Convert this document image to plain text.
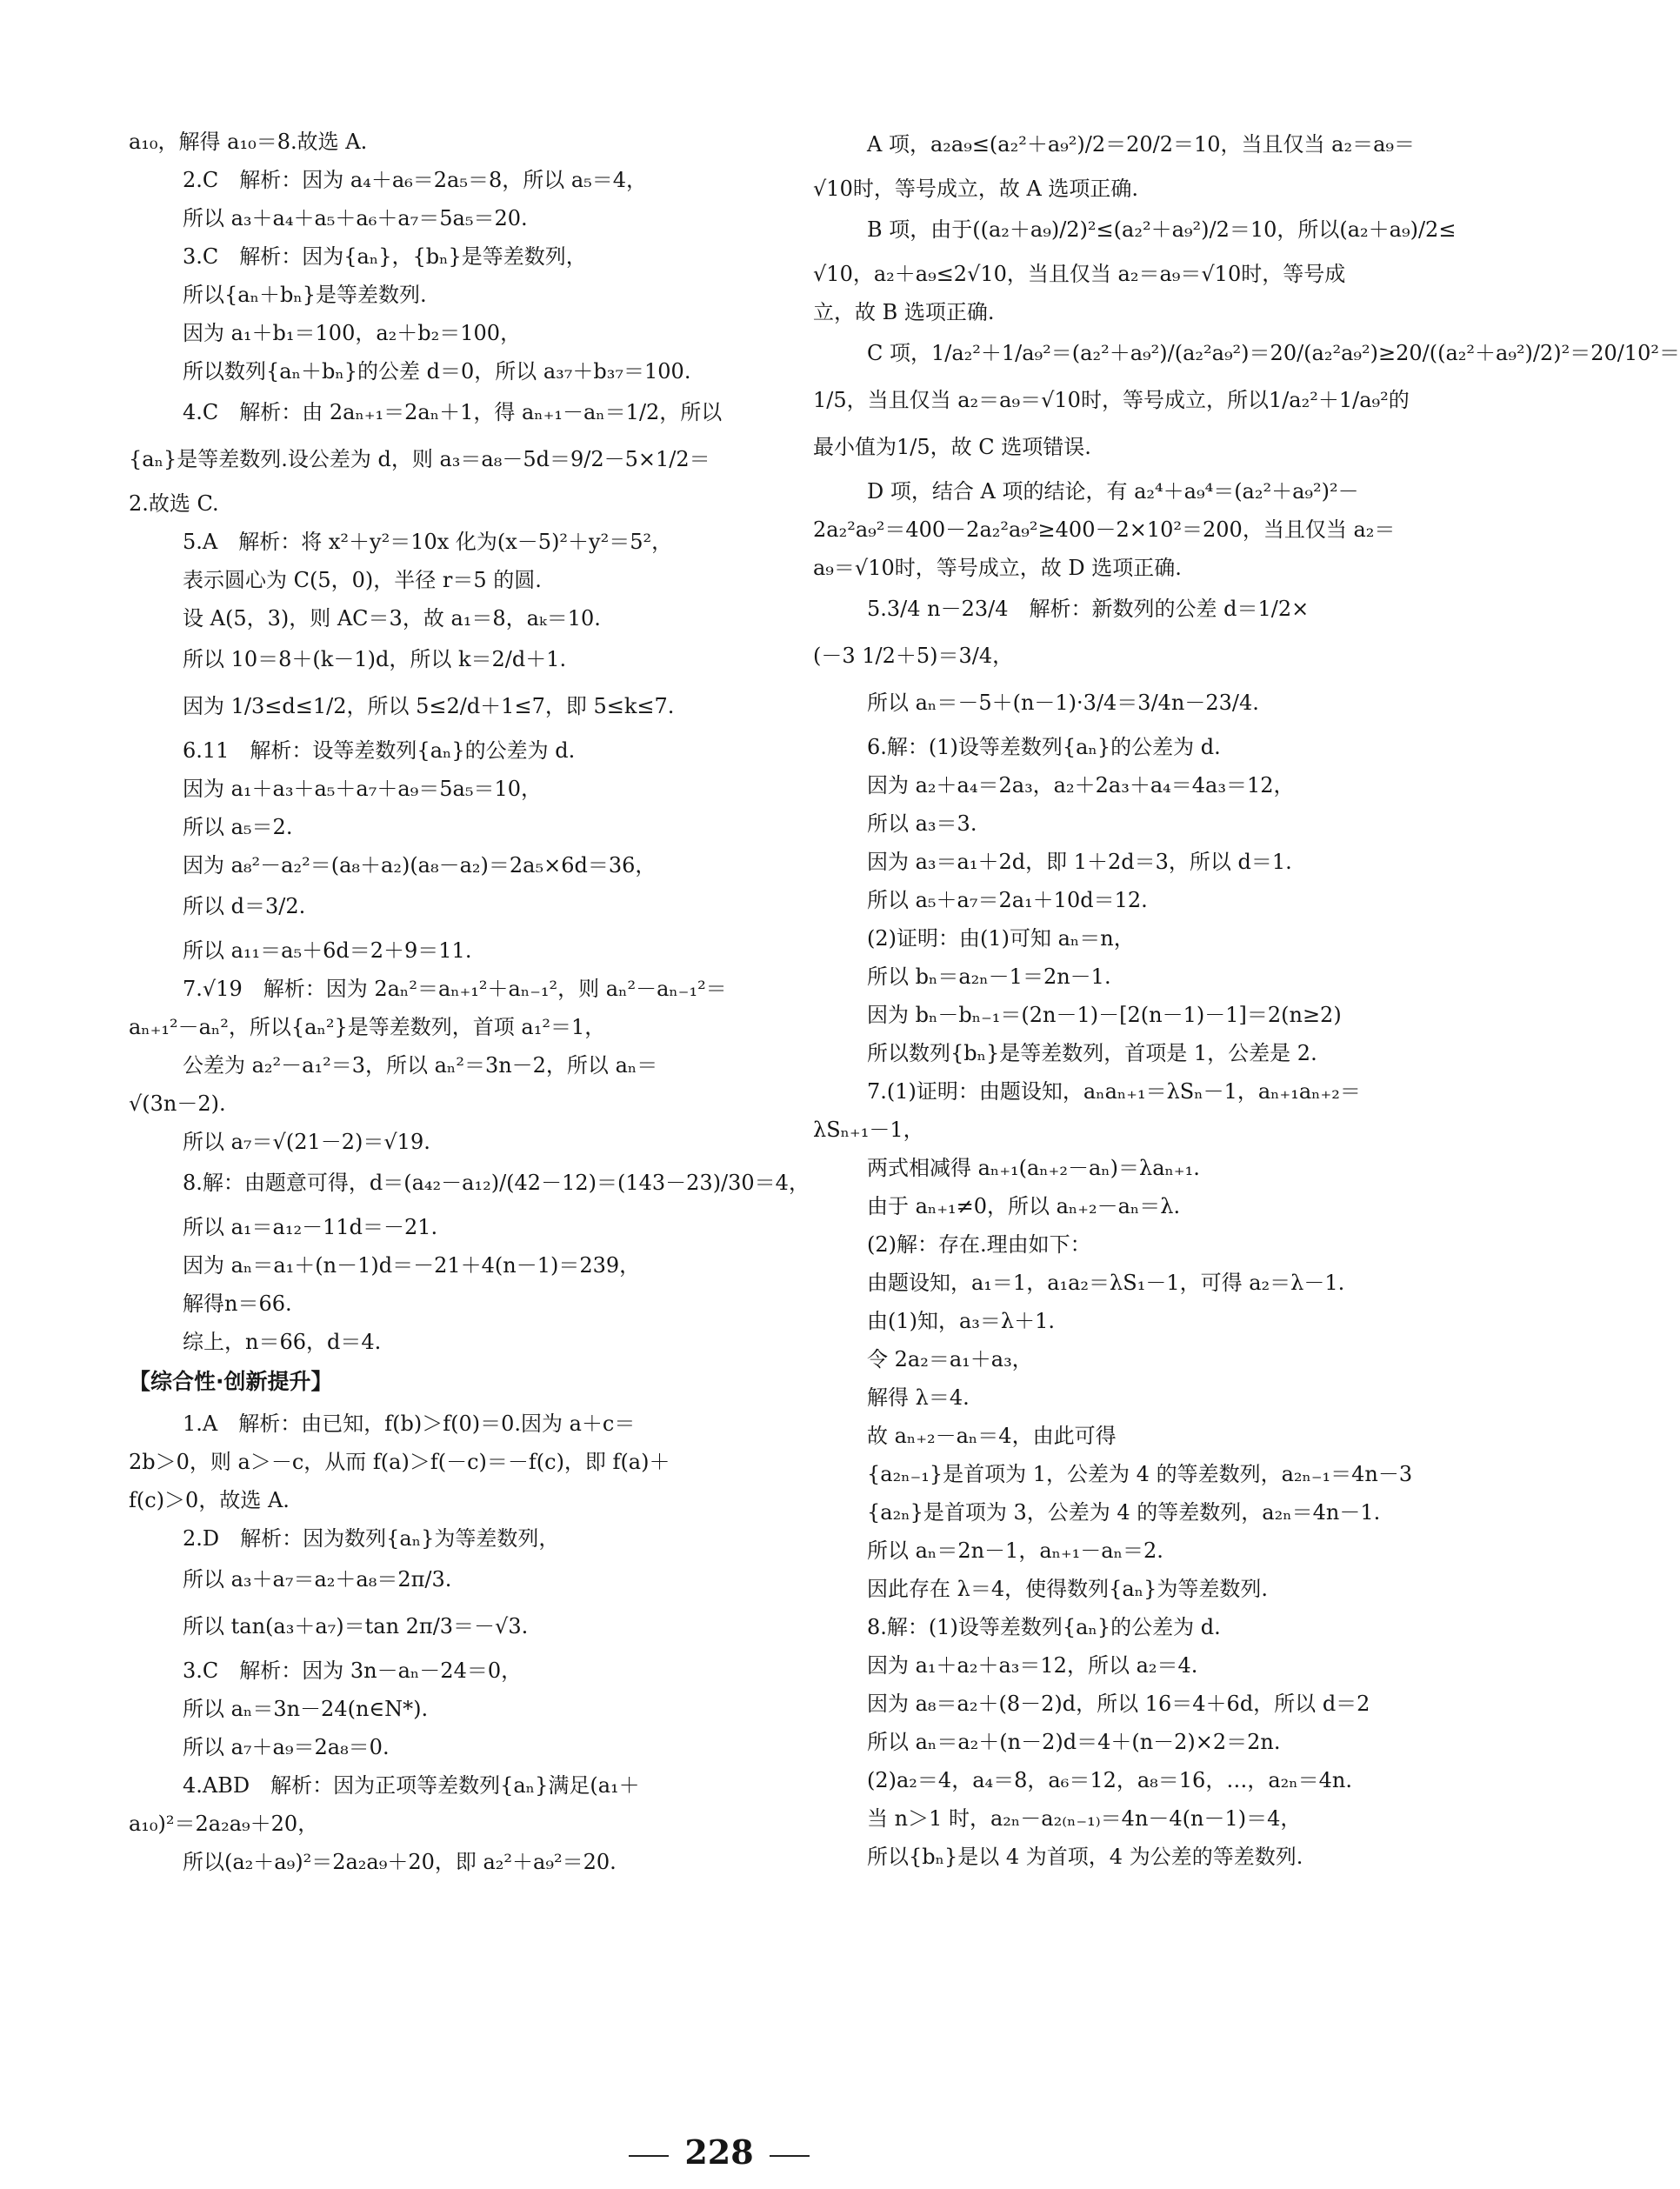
a₁₀，解得 a₁₀＝8.故选 A.
2.C　解析：因为 a₄＋a₆＝2a₅＝8，所以 a₅＝4，
所以 a₃＋a₄＋a₅＋a₆＋a₇＝5a₅＝20.
3.C　解析：因为{aₙ}，{bₙ}是等差数列，
所以{aₙ＋bₙ}是等差数列.
因为 a₁＋b₁＝100，a₂＋b₂＝100，
所以数列{aₙ＋bₙ}的公差 d＝0，所以 a₃₇＋b₃₇＝100.
4.C　解析：由 2aₙ₊₁＝2aₙ＋1，得 aₙ₊₁－aₙ＝1/2，所以
{aₙ}是等差数列.设公差为 d，则 a₃＝a₈－5d＝9/2－5×1/2＝
2.故选 C.
5.A　解析：将 x²＋y²＝10x 化为(x－5)²＋y²＝5²，
表示圆心为 C(5，0)，半径 r＝5 的圆.
设 A(5，3)，则 AC＝3，故 a₁＝8，aₖ＝10.
所以 10＝8＋(k－1)d，所以 k＝2/d＋1.
因为 1/3≤d≤1/2，所以 5≤2/d＋1≤7，即 5≤k≤7.
6.11　解析：设等差数列{aₙ}的公差为 d.
因为 a₁＋a₃＋a₅＋a₇＋a₉＝5a₅＝10，
所以 a₅＝2.
因为 a₈²－a₂²＝(a₈＋a₂)(a₈－a₂)＝2a₅×6d＝36，
所以 d＝3/2.
所以 a₁₁＝a₅＋6d＝2＋9＝11.
7.√19　解析：因为 2aₙ²＝aₙ₊₁²＋aₙ₋₁²，则 aₙ²－aₙ₋₁²＝
aₙ₊₁²－aₙ²，所以{aₙ²}是等差数列，首项 a₁²＝1，
公差为 a₂²－a₁²＝3，所以 aₙ²＝3n－2，所以 aₙ＝
√(3n－2).
所以 a₇＝√(21－2)＝√19.
8.解：由题意可得，d＝(a₄₂－a₁₂)/(42－12)＝(143－23)/30＝4，
所以 a₁＝a₁₂－11d＝－21.
因为 aₙ＝a₁＋(n－1)d＝－21＋4(n－1)＝239，
解得n＝66.
综上，n＝66，d＝4.
【综合性·创新提升】
1.A　解析：由已知，f(b)＞f(0)＝0.因为 a＋c＝
2b＞0，则 a＞－c，从而 f(a)＞f(－c)＝－f(c)，即 f(a)＋
f(c)＞0，故选 A.
2.D　解析：因为数列{aₙ}为等差数列，
所以 a₃＋a₇＝a₂＋a₈＝2π/3.
所以 tan(a₃＋a₇)＝tan 2π/3＝－√3.
3.C　解析：因为 3n－aₙ－24＝0，
所以 aₙ＝3n－24(n∈N*).
所以 a₇＋a₉＝2a₈＝0.
4.ABD　解析：因为正项等差数列{aₙ}满足(a₁＋
a₁₀)²＝2a₂a₉＋20，
所以(a₂＋a₉)²＝2a₂a₉＋20，即 a₂²＋a₉²＝20.
A 项，a₂a₉≤(a₂²＋a₉²)/2＝20/2＝10，当且仅当 a₂＝a₉＝
√10时，等号成立，故 A 选项正确.
B 项，由于((a₂＋a₉)/2)²≤(a₂²＋a₉²)/2＝10，所以(a₂＋a₉)/2≤
√10，a₂＋a₉≤2√10，当且仅当 a₂＝a₉＝√10时，等号成
立，故 B 选项正确.
C 项，1/a₂²＋1/a₉²＝(a₂²＋a₉²)/(a₂²a₉²)＝20/(a₂²a₉²)≥20/((a₂²＋a₉²)/2)²＝20/10²＝
1/5，当且仅当 a₂＝a₉＝√10时，等号成立，所以1/a₂²＋1/a₉²的
最小值为1/5，故 C 选项错误.
D 项，结合 A 项的结论，有 a₂⁴＋a₉⁴＝(a₂²＋a₉²)²－
2a₂²a₉²＝400－2a₂²a₉²≥400－2×10²＝200，当且仅当 a₂＝
a₉＝√10时，等号成立，故 D 选项正确.
5.3/4 n－23/4　解析：新数列的公差 d＝1/2×
(－3 1/2＋5)＝3/4，
所以 aₙ＝－5＋(n－1)·3/4＝3/4n－23/4.
6.解：(1)设等差数列{aₙ}的公差为 d.
因为 a₂＋a₄＝2a₃，a₂＋2a₃＋a₄＝4a₃＝12，
所以 a₃＝3.
因为 a₃＝a₁＋2d，即 1＋2d＝3，所以 d＝1.
所以 a₅＋a₇＝2a₁＋10d＝12.
(2)证明：由(1)可知 aₙ＝n，
所以 bₙ＝a₂ₙ－1＝2n－1.
因为 bₙ－bₙ₋₁＝(2n－1)－[2(n－1)－1]＝2(n≥2)
所以数列{bₙ}是等差数列，首项是 1，公差是 2.
7.(1)证明：由题设知，aₙaₙ₊₁＝λSₙ－1，aₙ₊₁aₙ₊₂＝
λSₙ₊₁－1，
两式相减得 aₙ₊₁(aₙ₊₂－aₙ)＝λaₙ₊₁.
由于 aₙ₊₁≠0，所以 aₙ₊₂－aₙ＝λ.
(2)解：存在.理由如下：
由题设知，a₁＝1，a₁a₂＝λS₁－1，可得 a₂＝λ－1.
由(1)知，a₃＝λ＋1.
令 2a₂＝a₁＋a₃，
解得 λ＝4.
故 aₙ₊₂－aₙ＝4，由此可得
{a₂ₙ₋₁}是首项为 1，公差为 4 的等差数列，a₂ₙ₋₁＝4n－3
{a₂ₙ}是首项为 3，公差为 4 的等差数列，a₂ₙ＝4n－1.
所以 aₙ＝2n－1，aₙ₊₁－aₙ＝2.
因此存在 λ＝4，使得数列{aₙ}为等差数列.
8.解：(1)设等差数列{aₙ}的公差为 d.
因为 a₁＋a₂＋a₃＝12，所以 a₂＝4.
因为 a₈＝a₂＋(8－2)d，所以 16＝4＋6d，所以 d＝2
所以 aₙ＝a₂＋(n－2)d＝4＋(n－2)×2＝2n.
(2)a₂＝4，a₄＝8，a₆＝12，a₈＝16，…，a₂ₙ＝4n.
当 n＞1 时，a₂ₙ－a₂₍ₙ₋₁₎＝4n－4(n－1)＝4，
所以{bₙ}是以 4 为首项，4 为公差的等差数列.
228
